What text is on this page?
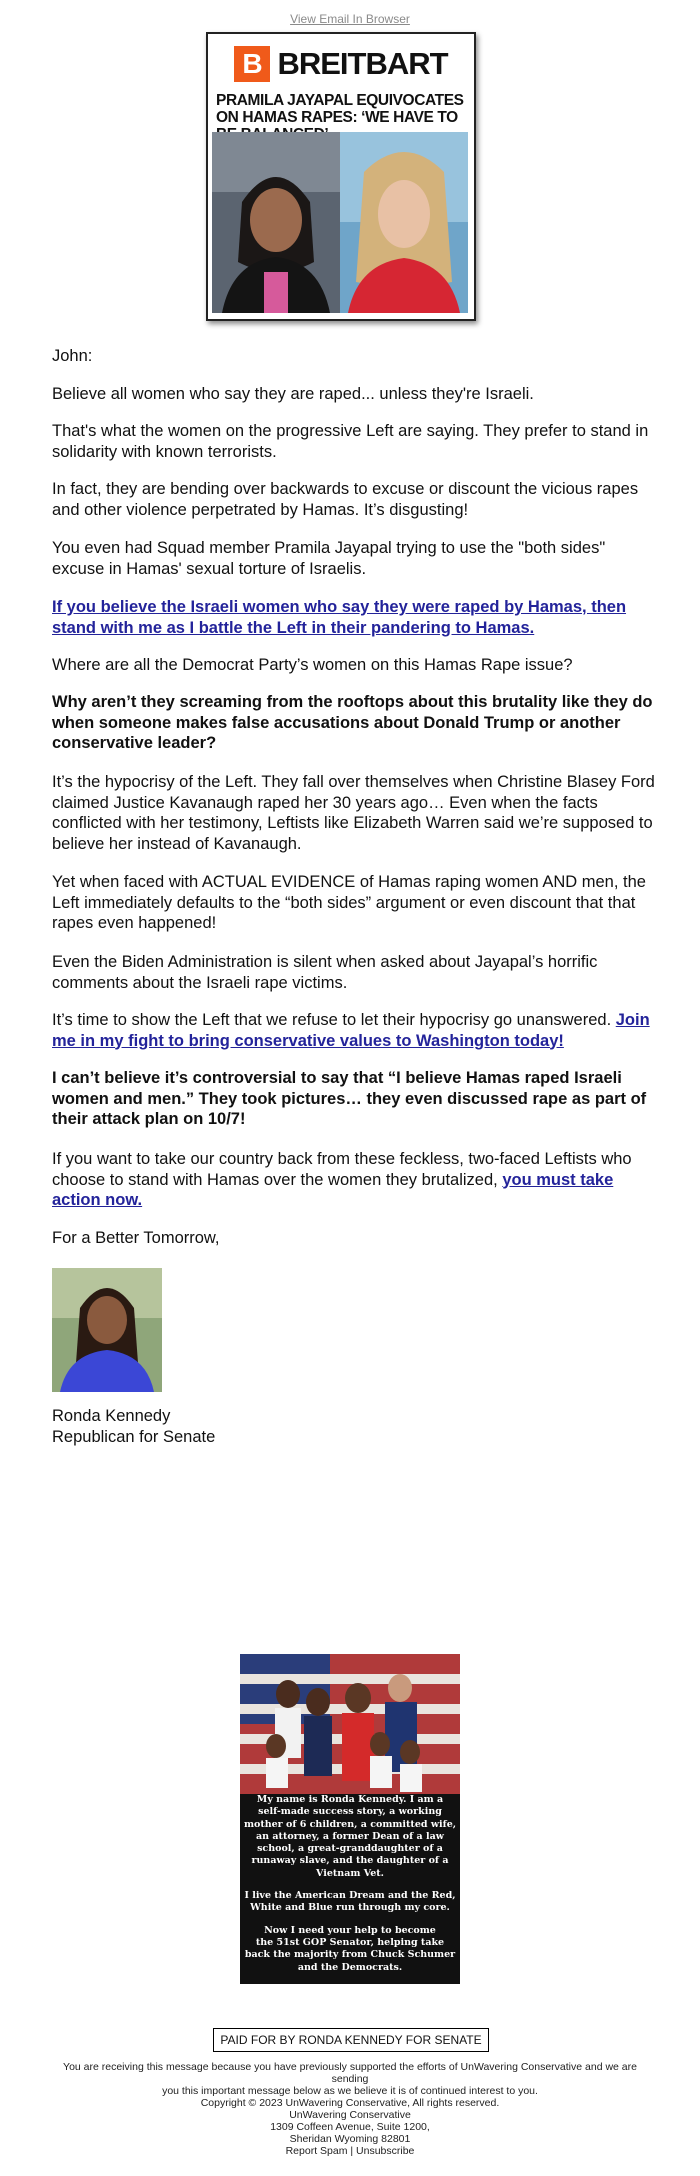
View Email In Browser
B BREITBART
PRAMILA JAYAPAL EQUIVOCATES ON HAMAS RAPES: ‘WE HAVE TO

John:

Believe all women who say they are raped... unless they're Israeli.

That's what the women on the progressive Left are saying. They prefer to stand in solidarity with known terrorists.

In fact, they are bending over backwards to excuse or discount the vicious rapes and other violence perpetrated by Hamas. It’s disgusting!

You even had Squad member Pramila Jayapal trying to use the "both sides" excuse in Hamas' sexual torture of Israelis.

If you believe the Israeli women who say they were raped by Hamas, then stand with me as I battle the Left in their pandering to Hamas.

Where are all the Democrat Party’s women on this Hamas Rape issue?

Why aren’t they screaming from the rooftops about this brutality like they do when someone makes false accusations about Donald Trump or another conservative leader?

It’s the hypocrisy of the Left. They fall over themselves when Christine Blasey Ford claimed Justice Kavanaugh raped her 30 years ago… Even when the facts conflicted with her testimony, Leftists like Elizabeth Warren said we’re supposed to believe her instead of Kavanaugh.

Yet when faced with ACTUAL EVIDENCE of Hamas raping women AND men, the Left immediately defaults to the “both sides” argument or even discount that that rapes even happened!

Even the Biden Administration is silent when asked about Jayapal’s horrific comments about the Israeli rape victims.

It’s time to show the Left that we refuse to let their hypocrisy go unanswered. Join me in my fight to bring conservative values to Washington today!

I can’t believe it’s controversial to say that “I believe Hamas raped Israeli women and men.” They took pictures… they even discussed rape as part of their attack plan on 10/7!

If you want to take our country back from these feckless, two-faced Leftists who choose to stand with Hamas over the women they brutalized, you must take action now.

For a Better Tomorrow,

Ronda Kennedy

Republican for Senate

My name is Ronda Kennedy. I am a
self-made success story, a working
mother of 6 children, a committed wife,
an attorney, a former Dean of a law
school, a great-granddaughter of a
runaway slave, and the daughter of a
Vietnam Vet.
I live the American Dream and the Red,
White and Blue run through my core.
Now I need your help to become
the 51st GOP Senator, helping take
back the majority from Chuck Schumer
and the Democrats.
PAID FOR BY RONDA KENNEDY FOR SENATE
You are receiving this message because you have previously supported the efforts of UnWavering Conservative and we are sending
you this important message below as we believe it is of continued interest to you.
Copyright © 2023 UnWavering Conservative, All rights reserved.
UnWavering Conservative
1309 Coffeen Avenue, Suite 1200,
Sheridan Wyoming 82801
Report Spam | Unsubscribe
